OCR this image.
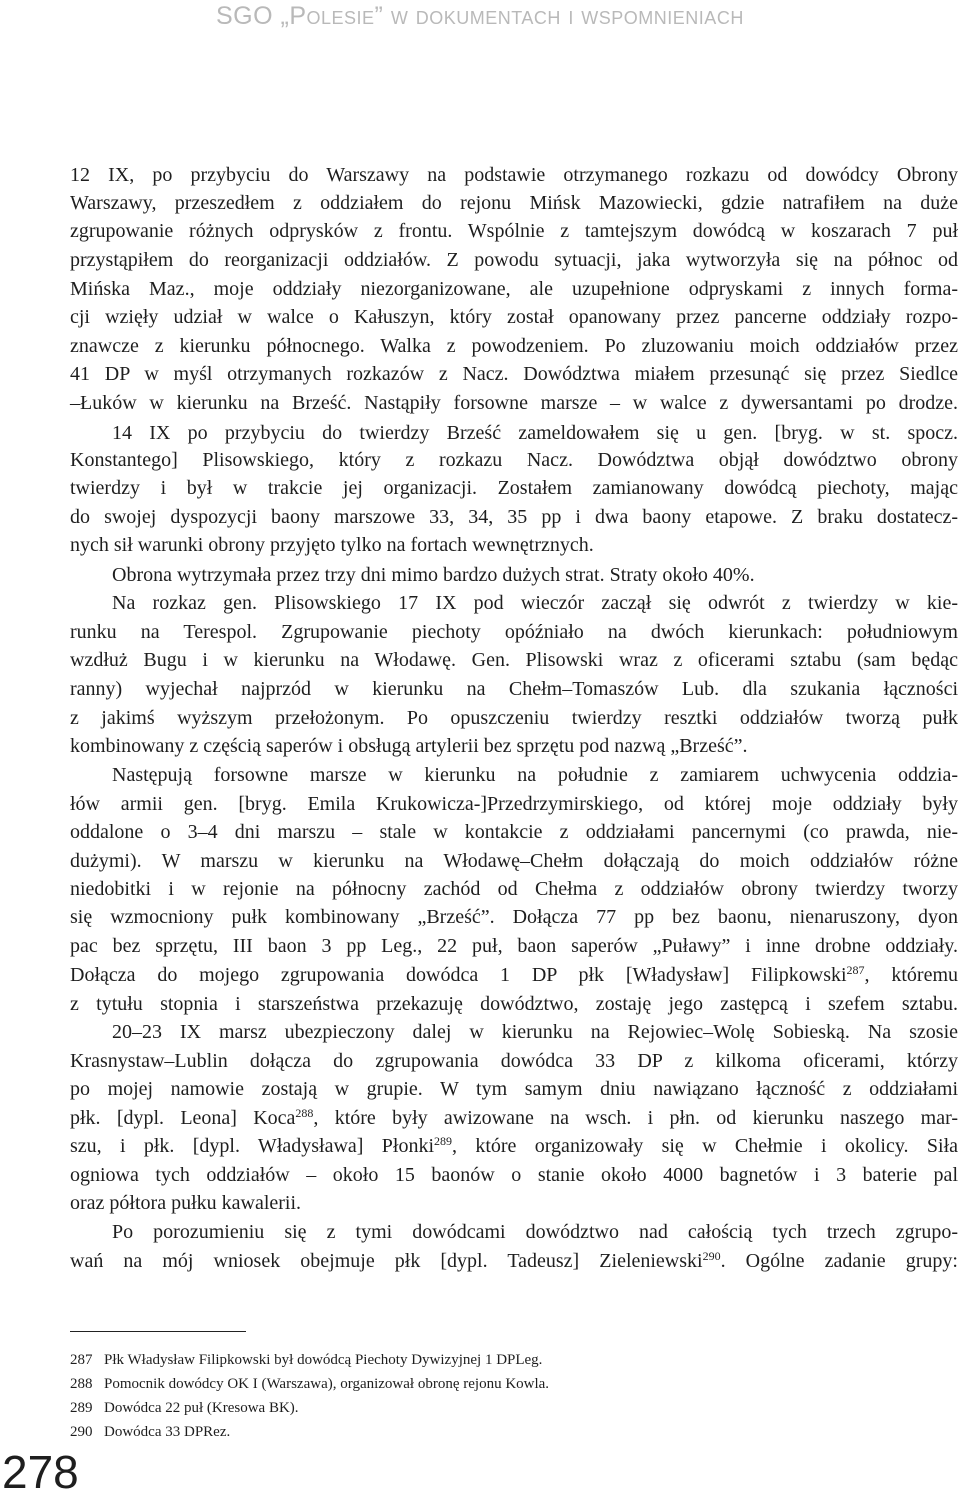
SGO „Polesie” w dokumentach i wspomnieniach
12 IX, po przybyciu do Warszawy na podstawie otrzymanego rozkazu od dowódcy Obrony
Warszawy, przeszedłem z oddziałem do rejonu Mińsk Mazowiecki, gdzie natrafiłem na duże
zgrupowanie różnych odprysków z frontu. Wspólnie z tamtejszym dowódcą w koszarach 7 puł
przystąpiłem do reorganizacji oddziałów. Z powodu sytuacji, jaka wytworzyła się na północ od
Mińska Maz., moje oddziały niezorganizowane, ale uzupełnione odpryskami z innych forma-
cji wzięły udział w walce o Kałuszyn, który został opanowany przez pancerne oddziały rozpo-
znawcze z kierunku północnego. Walka z powodzeniem. Po zluzowaniu moich oddziałów przez
41 DP w myśl otrzymanych rozkazów z Nacz. Dowództwa miałem przesunąć się przez Siedlce
–Łuków w kierunku na Brześć. Nastąpiły forsowne marsze – w walce z dywersantami po drodze.
14 IX po przybyciu do twierdzy Brześć zameldowałem się u gen. [bryg. w st. spocz.
Konstantego] Plisowskiego, który z rozkazu Nacz. Dowództwa objął dowództwo obrony
twierdzy i był w trakcie jej organizacji. Zostałem zamianowany dowódcą piechoty, mając
do swojej dyspozycji baony marszowe 33, 34, 35 pp i dwa baony etapowe. Z braku dostatecz-
nych sił warunki obrony przyjęto tylko na fortach wewnętrznych.
Obrona wytrzymała przez trzy dni mimo bardzo dużych strat. Straty około 40%.
Na rozkaz gen. Plisowskiego 17 IX pod wieczór zaczął się odwrót z twierdzy w kie-
runku na Terespol. Zgrupowanie piechoty opóźniało na dwóch kierunkach: południowym
wzdłuż Bugu i w kierunku na Włodawę. Gen. Plisowski wraz z oficerami sztabu (sam będąc
ranny) wyjechał najprzód w kierunku na Chełm–Tomaszów Lub. dla szukania łączności
z jakimś wyższym przełożonym. Po opuszczeniu twierdzy resztki oddziałów tworzą pułk
kombinowany z częścią saperów i obsługą artylerii bez sprzętu pod nazwą „Brześć”.
Następują forsowne marsze w kierunku na południe z zamiarem uchwycenia oddzia-
łów armii gen. [bryg. Emila Krukowicza-]Przedrzymirskiego, od której moje oddziały były
oddalone o 3–4 dni marszu – stale w kontakcie z oddziałami pancernymi (co prawda, nie-
dużymi). W marszu w kierunku na Włodawę–Chełm dołączają do moich oddziałów różne
niedobitki i w rejonie na północny zachód od Chełma z oddziałów obrony twierdzy tworzy
się wzmocniony pułk kombinowany „Brześć”. Dołącza 77 pp bez baonu, nienaruszony, dyon
pac bez sprzętu, III baon 3 pp Leg., 22 puł, baon saperów „Puławy” i inne drobne oddziały.
Dołącza do mojego zgrupowania dowódca 1 DP płk [Władysław] Filipkowski$^{287}$, któremu
z tytułu stopnia i starszeństwa przekazuję dowództwo, zostaję jego zastępcą i szefem sztabu.
20–23 IX marsz ubezpieczony dalej w kierunku na Rejowiec–Wolę Sobieską. Na szosie
Krasnystaw–Lublin dołącza do zgrupowania dowódca 33 DP z kilkoma oficerami, którzy
po mojej namowie zostają w grupie. W tym samym dniu nawiązano łączność z oddziałami
płk. [dypl. Leona] Koca$^{288}$, które były awizowane na wsch. i płn. od kierunku naszego mar-
szu, i płk. [dypl. Władysława] Płonki$^{289}$, które organizowały się w Chełmie i okolicy. Siła
ogniowa tych oddziałów – około 15 baonów o stanie około 4000 bagnetów i 3 baterie pal
oraz półtora pułku kawalerii.
Po porozumieniu się z tymi dowódcami dowództwo nad całością tych trzech zgrupo-
wań na mój wniosek obejmuje płk [dypl. Tadeusz] Zieleniewski$^{290}$. Ogólne zadanie grupy:
287 Płk Władysław Filipkowski był dowódcą Piechoty Dywizyjnej 1 DPLeg.
288 Pomocnik dowódcy OK I (Warszawa), organizował obronę rejonu Kowla.
289 Dowódca 22 puł (Kresowa BK).
290 Dowódca 33 DPRez.
278
